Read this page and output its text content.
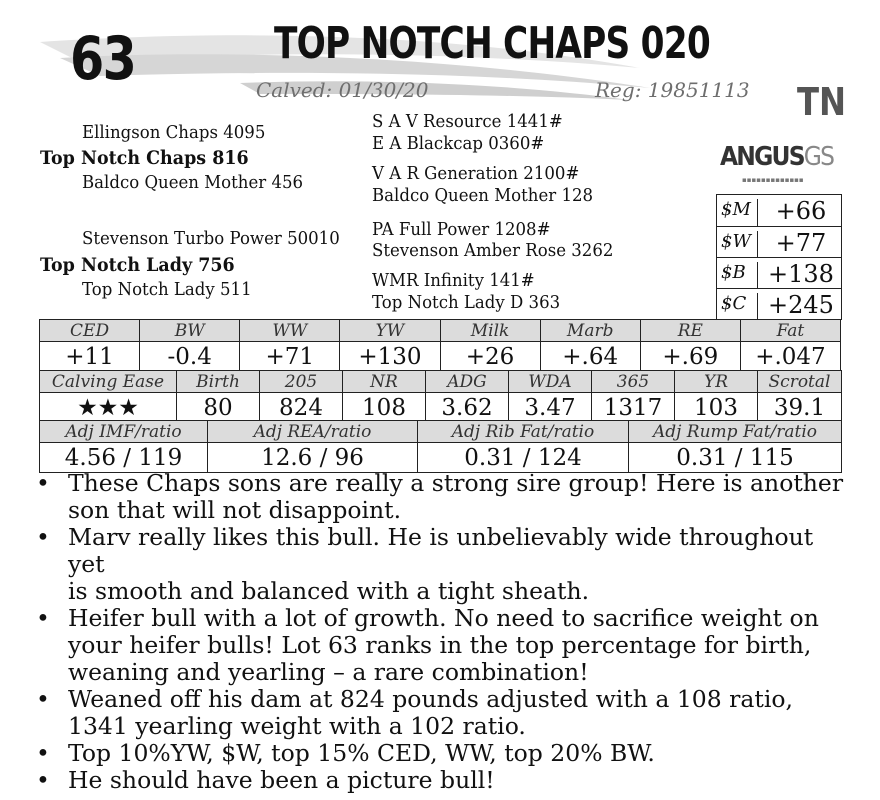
63	TOP NOTCH CHAPS 020
Calved: 01/30/20	Reg: 19851113 TN
Ellingson Chaps 4095
Top Notch Chaps 816
Baldco Queen Mother 456
Stevenson Turbo Power 50010
Top Notch Lady 756
Top Notch Lady 511
S A V Resource 1441#
E A Blackcap 0360#
V A R Generation 2100#
Baldco Queen Mother 128
PA Full Power 1208#
Stevenson Amber Rose 3262
WMR Infinity 141#
Top Notch Lady D 363
ANGUSGS
▪▪▪▪▪▪▪▪▪▪▪▪▪
$M	+66
$W	+77
$B +138
$C +245
CED	BW	WW	YW	Milk	Marb	RE	Fat
+11	-0.4	+71	+130	+26	+.64	+.69	+.047
Calving Ease	Birth	205	NR	ADG	WDA	365	YR	Scrotal
★★★	80	824	108	3.62	3.47	1317	103	39.1
Adj IMF/ratio	Adj REA/ratio	Adj Rib Fat/ratio	Adj Rump Fat/ratio
4.56 / 119	12.6 / 96	0.31 / 124	0.31 / 115
• These Chaps sons are really a strong sire group! Here is another
son that will not disappoint.
• Marv really likes this bull. He is unbelievably wide throughout yet
is smooth and balanced with a tight sheath.
• Heifer bull with a lot of growth. No need to sacrifice weight on
your heifer bulls! Lot 63 ranks in the top percentage for birth,
weaning and yearling – a rare combination!
• Weaned off his dam at 824 pounds adjusted with a 108 ratio,
1341 yearling weight with a 102 ratio.
• Top 10%YW, $W, top 15% CED, WW, top 20% BW.
• He should have been a picture bull!
